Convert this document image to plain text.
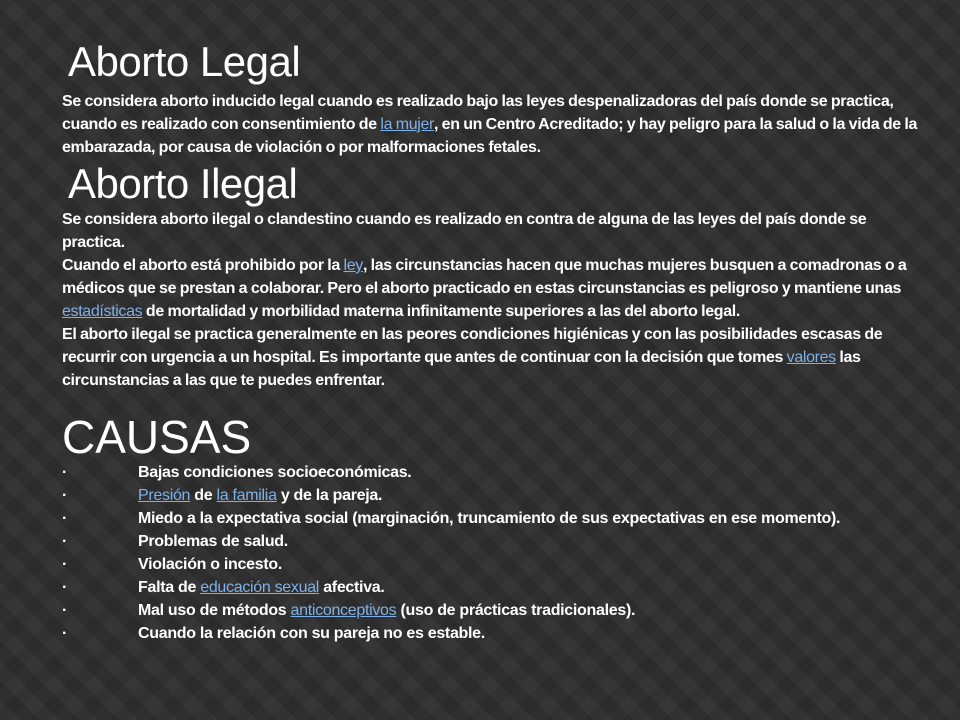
Aborto Legal

Se considera aborto inducido legal cuando es realizado bajo las leyes despenalizadoras del país donde se practica, cuando es realizado con consentimiento de la mujer, en un Centro Acreditado; y hay peligro para la salud o la vida de la embarazada, por causa de violación o por malformaciones fetales.

Aborto Ilegal

Se considera aborto ilegal o clandestino cuando es realizado en contra de alguna de las leyes del país donde se practica.
Cuando el aborto está prohibido por la ley, las circunstancias hacen que muchas mujeres busquen a comadronas o a médicos que se prestan a colaborar. Pero el aborto practicado en estas circunstancias es peligroso y mantiene unas estadísticas de mortalidad y morbilidad materna infinitamente superiores a las del aborto legal.
El aborto ilegal se practica generalmente en las peores condiciones higiénicas y con las posibilidades escasas de recurrir con urgencia a un hospital. Es importante que antes de continuar con la decisión que tomes valores las circunstancias a las que te puedes enfrentar.

CAUSAS
·	Bajas condiciones socioeconómicas.
·	Presión de la familia y de la pareja.
·	Miedo a la expectativa social (marginación, truncamiento de sus expectativas en ese momento).
·	Problemas de salud.
·	Violación o incesto.
·	Falta de educación sexual afectiva.
·	Mal uso de métodos anticonceptivos (uso de prácticas tradicionales).
·	Cuando la relación con su pareja no es estable.
